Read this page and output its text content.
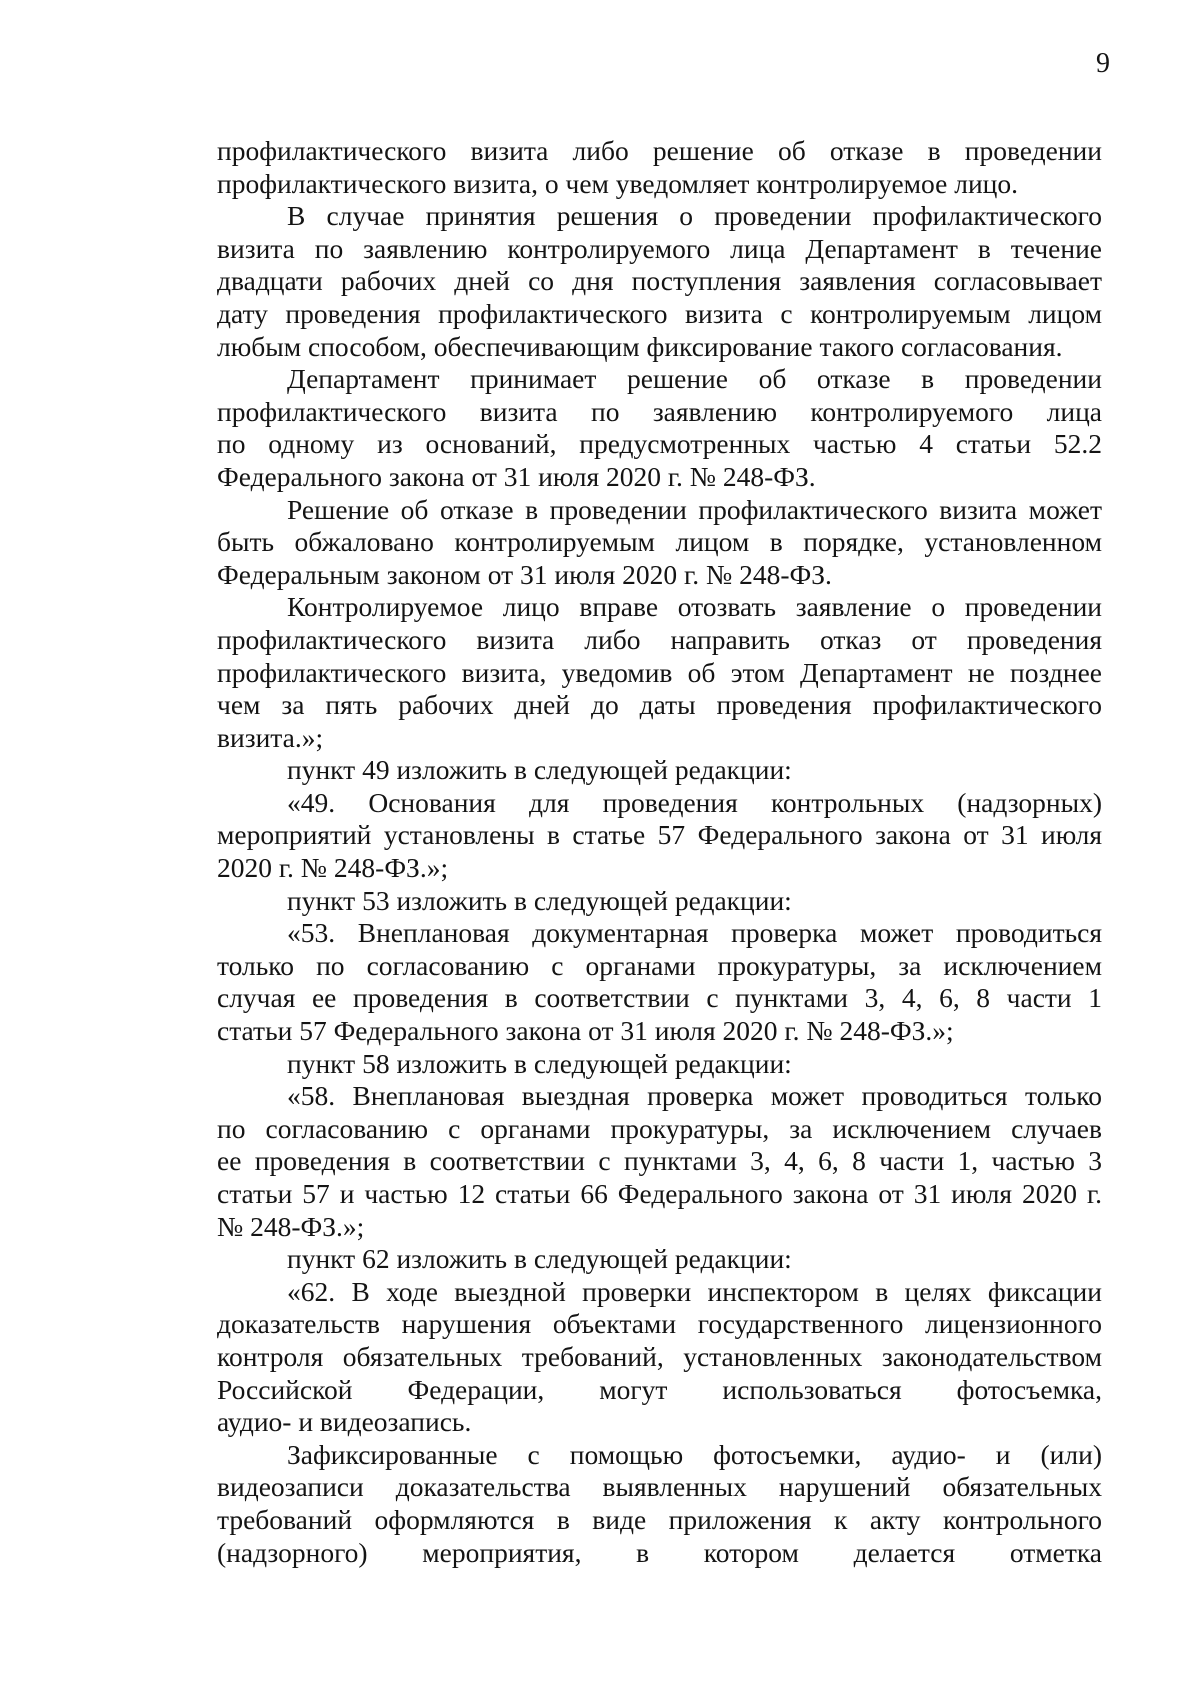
9
профилактического визита либо решение об отказе в проведении
профилактического визита, о чем уведомляет контролируемое лицо.
В случае принятия решения о проведении профилактического
визита по заявлению контролируемого лица Департамент в течение
двадцати рабочих дней со дня поступления заявления согласовывает
дату проведения профилактического визита с контролируемым лицом
любым способом, обеспечивающим фиксирование такого согласования.
Департамент принимает решение об отказе в проведении
профилактического визита по заявлению контролируемого лица
по одному из оснований, предусмотренных частью 4 статьи 52.2
Федерального закона от 31 июля 2020 г. № 248-ФЗ.
Решение об отказе в проведении профилактического визита может
быть обжаловано контролируемым лицом в порядке, установленном
Федеральным законом от 31 июля 2020 г. № 248-ФЗ.
Контролируемое лицо вправе отозвать заявление о проведении
профилактического визита либо направить отказ от проведения
профилактического визита, уведомив об этом Департамент не позднее
чем за пять рабочих дней до даты проведения профилактического
визита.»;
пункт 49 изложить в следующей редакции:
«49. Основания для проведения контрольных (надзорных)
мероприятий установлены в статье 57 Федерального закона от 31 июля
2020 г. № 248-ФЗ.»;
пункт 53 изложить в следующей редакции:
«53. Внеплановая документарная проверка может проводиться
только по согласованию с органами прокуратуры, за исключением
случая ее проведения в соответствии с пунктами 3, 4, 6, 8 части 1
статьи 57 Федерального закона от 31 июля 2020 г. № 248-ФЗ.»;
пункт 58 изложить в следующей редакции:
«58. Внеплановая выездная проверка может проводиться только
по согласованию с органами прокуратуры, за исключением случаев
ее проведения в соответствии с пунктами 3, 4, 6, 8 части 1, частью 3
статьи 57 и частью 12 статьи 66 Федерального закона от 31 июля 2020 г.
№ 248-ФЗ.»;
пункт 62 изложить в следующей редакции:
«62. В ходе выездной проверки инспектором в целях фиксации
доказательств нарушения объектами государственного лицензионного
контроля обязательных требований, установленных законодательством
Российской Федерации, могут использоваться фотосъемка,
аудио- и видеозапись.
Зафиксированные с помощью фотосъемки, аудио- и (или)
видеозаписи доказательства выявленных нарушений обязательных
требований оформляются в виде приложения к акту контрольного
(надзорного) мероприятия, в котором делается отметка
